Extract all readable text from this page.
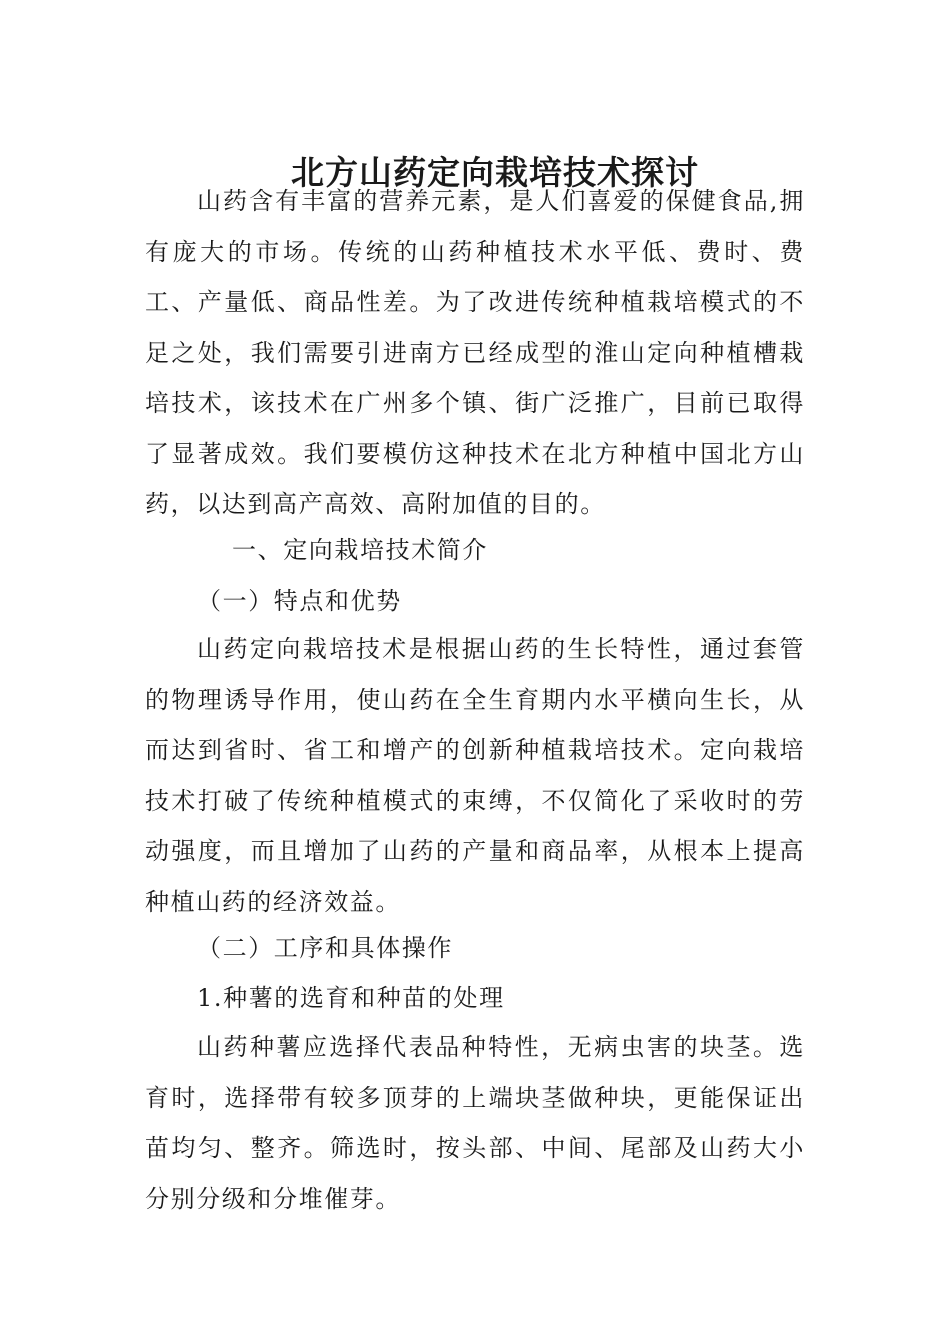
北方山药定向栽培技术探讨

山药含有丰富的营养元素，是人们喜爱的保健食品,拥有庞大的市场。传统的山药种植技术水平低、费时、费工、产量低、商品性差。为了改进传统种植栽培模式的不足之处，我们需要引进南方已经成型的淮山定向种植槽栽培技术，该技术在广州多个镇、街广泛推广，目前已取得了显著成效。我们要模仿这种技术在北方种植中国北方山药，以达到高产高效、高附加值的目的。

一、定向栽培技术简介

（一）特点和优势

山药定向栽培技术是根据山药的生长特性，通过套管的物理诱导作用，使山药在全生育期内水平横向生长，从而达到省时、省工和增产的创新种植栽培技术。定向栽培技术打破了传统种植模式的束缚，不仅简化了采收时的劳动强度，而且增加了山药的产量和商品率，从根本上提高种植山药的经济效益。

（二）工序和具体操作

1.种薯的选育和种苗的处理

山药种薯应选择代表品种特性，无病虫害的块茎。选育时，选择带有较多顶芽的上端块茎做种块，更能保证出苗均匀、整齐。筛选时，按头部、中间、尾部及山药大小分别分级和分堆催芽。
